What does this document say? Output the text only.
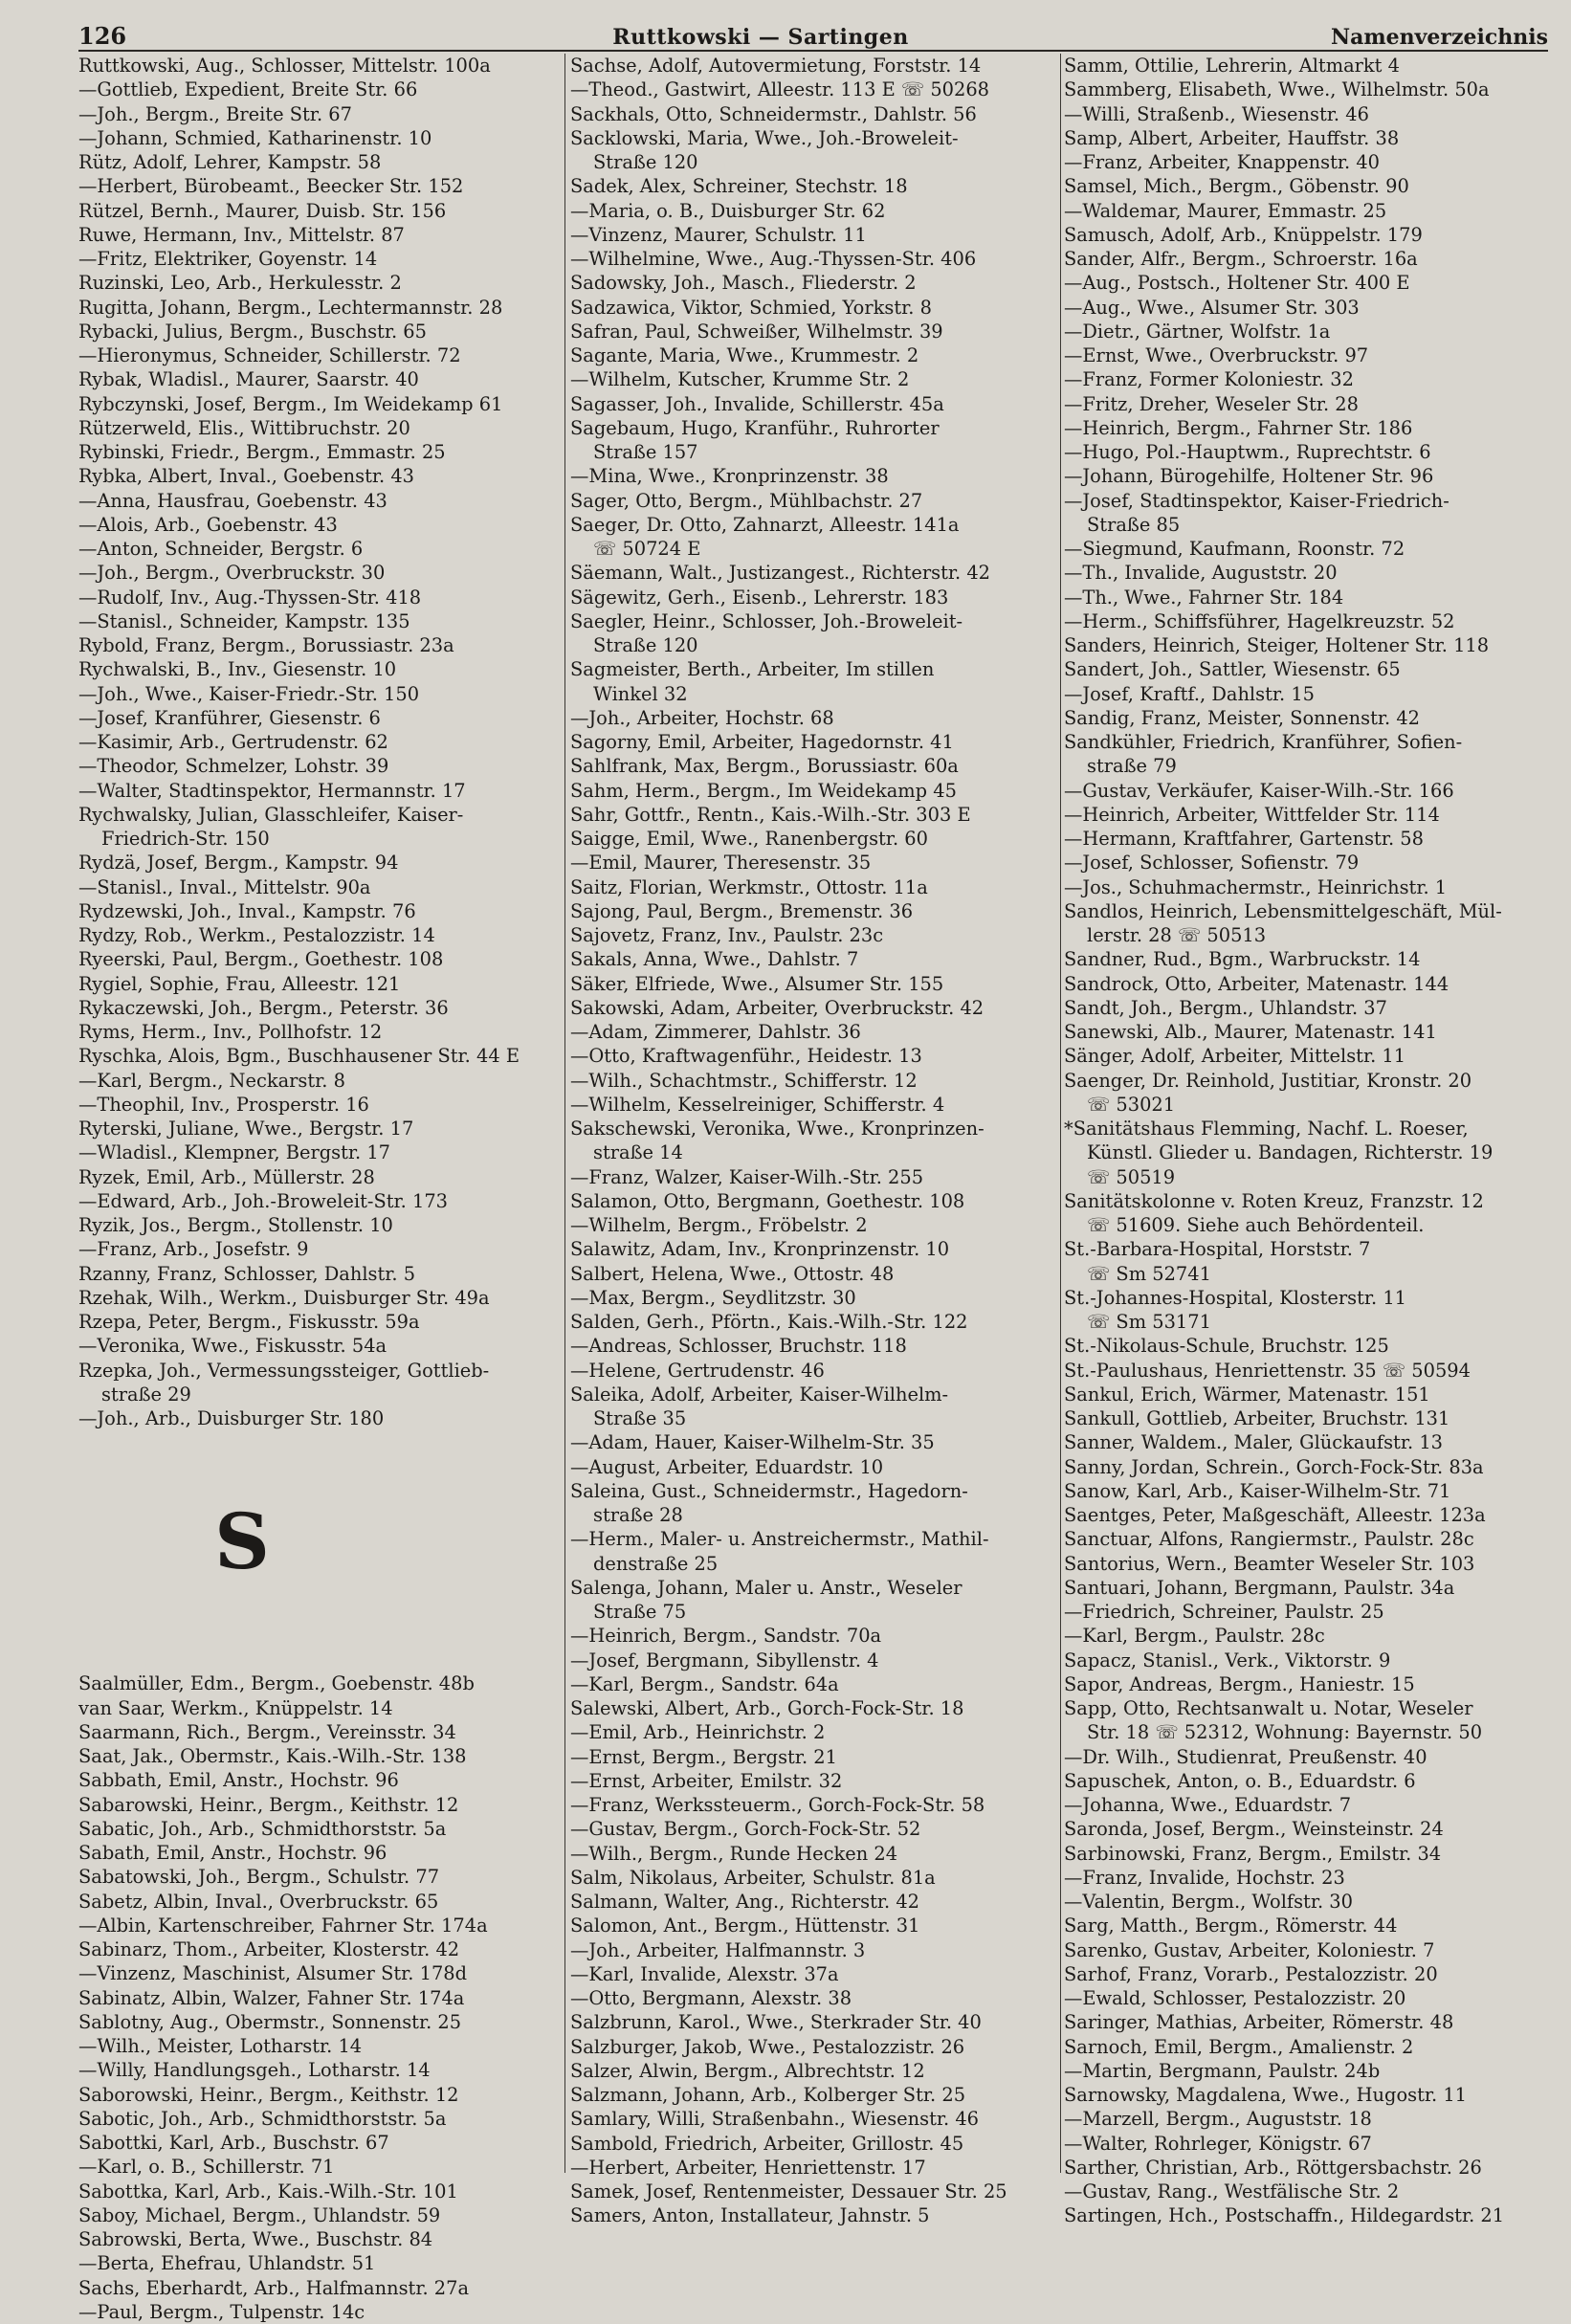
126	Ruttkowski — Sartingen	Namenverzeichnis
Ruttkowski, Aug., Schlosser, Mittelstr. 100a
—Gottlieb, Expedient, Breite Str. 66
—Joh., Bergm., Breite Str. 67
—Johann, Schmied, Katharinenstr. 10
Rütz, Adolf, Lehrer, Kampstr. 58
—Herbert, Bürobeamt., Beecker Str. 152
Rützel, Bernh., Maurer, Duisb. Str. 156
Ruwe, Hermann, Inv., Mittelstr. 87
—Fritz, Elektriker, Goyenstr. 14
Ruzinski, Leo, Arb., Herkulesstr. 2
Rugitta, Johann, Bergm., Lechtermannstr. 28
Rybacki, Julius, Bergm., Buschstr. 65
—Hieronymus, Schneider, Schillerstr. 72
Rybak, Wladisl., Maurer, Saarstr. 40
Rybczynski, Josef, Bergm., Im Weidekamp 61
Rützerweld, Elis., Wittibruchstr. 20
Rybinski, Friedr., Bergm., Emmastr. 25
Rybka, Albert, Inval., Goebenstr. 43
—Anna, Hausfrau, Goebenstr. 43
—Alois, Arb., Goebenstr. 43
—Anton, Schneider, Bergstr. 6
—Joh., Bergm., Overbruckstr. 30
—Rudolf, Inv., Aug.-Thyssen-Str. 418
—Stanisl., Schneider, Kampstr. 135
Rybold, Franz, Bergm., Borussiastr. 23a
Rychwalski, B., Inv., Giesenstr. 10
—Joh., Wwe., Kaiser-Friedr.-Str. 150
—Josef, Kranführer, Giesenstr. 6
—Kasimir, Arb., Gertrudenstr. 62
—Theodor, Schmelzer, Lohstr. 39
—Walter, Stadtinspektor, Hermannstr. 17
Rychwalsky, Julian, Glasschleifer, Kaiser-
Friedrich-Str. 150
Rydzä, Josef, Bergm., Kampstr. 94
—Stanisl., Inval., Mittelstr. 90a
Rydzewski, Joh., Inval., Kampstr. 76
Rydzy, Rob., Werkm., Pestalozzistr. 14
Ryeerski, Paul, Bergm., Goethestr. 108
Rygiel, Sophie, Frau, Alleestr. 121
Rykaczewski, Joh., Bergm., Peterstr. 36
Ryms, Herm., Inv., Pollhofstr. 12
Ryschka, Alois, Bgm., Buschhausener Str. 44 E
—Karl, Bergm., Neckarstr. 8
—Theophil, Inv., Prosperstr. 16
Ryterski, Juliane, Wwe., Bergstr. 17
—Wladisl., Klempner, Bergstr. 17
Ryzek, Emil, Arb., Müllerstr. 28
—Edward, Arb., Joh.-Broweleit-Str. 173
Ryzik, Jos., Bergm., Stollenstr. 10
—Franz, Arb., Josefstr. 9
Rzanny, Franz, Schlosser, Dahlstr. 5
Rzehak, Wilh., Werkm., Duisburger Str. 49a
Rzepa, Peter, Bergm., Fiskusstr. 59a
—Veronika, Wwe., Fiskusstr. 54a
Rzepka, Joh., Vermessungssteiger, Gottlieb-
straße 29
—Joh., Arb., Duisburger Str. 180
S
Saalmüller, Edm., Bergm., Goebenstr. 48b
van Saar, Werkm., Knüppelstr. 14
Saarmann, Rich., Bergm., Vereinsstr. 34
Saat, Jak., Obermstr., Kais.-Wilh.-Str. 138
Sabbath, Emil, Anstr., Hochstr. 96
Sabarowski, Heinr., Bergm., Keithstr. 12
Sabatic, Joh., Arb., Schmidthorststr. 5a
Sabath, Emil, Anstr., Hochstr. 96
Sabatowski, Joh., Bergm., Schulstr. 77
Sabetz, Albin, Inval., Overbruckstr. 65
—Albin, Kartenschreiber, Fahrner Str. 174a
Sabinarz, Thom., Arbeiter, Klosterstr. 42
—Vinzenz, Maschinist, Alsumer Str. 178d
Sabinatz, Albin, Walzer, Fahner Str. 174a
Sablotny, Aug., Obermstr., Sonnenstr. 25
—Wilh., Meister, Lotharstr. 14
—Willy, Handlungsgeh., Lotharstr. 14
Saborowski, Heinr., Bergm., Keithstr. 12
Sabotic, Joh., Arb., Schmidthorststr. 5a
Sabottki, Karl, Arb., Buschstr. 67
—Karl, o. B., Schillerstr. 71
Sabottka, Karl, Arb., Kais.-Wilh.-Str. 101
Saboy, Michael, Bergm., Uhlandstr. 59
Sabrowski, Berta, Wwe., Buschstr. 84
—Berta, Ehefrau, Uhlandstr. 51
Sachs, Eberhardt, Arb., Halfmannstr. 27a
—Paul, Bergm., Tulpenstr. 14c
Sachse, Adolf, Autovermietung, Forststr. 14
—Theod., Gastwirt, Alleestr. 113 E ☏ 50268
Sackhals, Otto, Schneidermstr., Dahlstr. 56
Sacklowski, Maria, Wwe., Joh.-Broweleit-
Straße 120
Sadek, Alex, Schreiner, Stechstr. 18
—Maria, o. B., Duisburger Str. 62
—Vinzenz, Maurer, Schulstr. 11
—Wilhelmine, Wwe., Aug.-Thyssen-Str. 406
Sadowsky, Joh., Masch., Fliederstr. 2
Sadzawica, Viktor, Schmied, Yorkstr. 8
Safran, Paul, Schweißer, Wilhelmstr. 39
Sagante, Maria, Wwe., Krummestr. 2
—Wilhelm, Kutscher, Krumme Str. 2
Sagasser, Joh., Invalide, Schillerstr. 45a
Sagebaum, Hugo, Kranführ., Ruhrorter
Straße 157
—Mina, Wwe., Kronprinzenstr. 38
Sager, Otto, Bergm., Mühlbachstr. 27
Saeger, Dr. Otto, Zahnarzt, Alleestr. 141a
☏ 50724 E
Säemann, Walt., Justizangest., Richterstr. 42
Sägewitz, Gerh., Eisenb., Lehrerstr. 183
Saegler, Heinr., Schlosser, Joh.-Broweleit-
Straße 120
Sagmeister, Berth., Arbeiter, Im stillen
Winkel 32
—Joh., Arbeiter, Hochstr. 68
Sagorny, Emil, Arbeiter, Hagedornstr. 41
Sahlfrank, Max, Bergm., Borussiastr. 60a
Sahm, Herm., Bergm., Im Weidekamp 45
Sahr, Gottfr., Rentn., Kais.-Wilh.-Str. 303 E
Saigge, Emil, Wwe., Ranenbergstr. 60
—Emil, Maurer, Theresenstr. 35
Saitz, Florian, Werkmstr., Ottostr. 11a
Sajong, Paul, Bergm., Bremenstr. 36
Sajovetz, Franz, Inv., Paulstr. 23c
Sakals, Anna, Wwe., Dahlstr. 7
Säker, Elfriede, Wwe., Alsumer Str. 155
Sakowski, Adam, Arbeiter, Overbruckstr. 42
—Adam, Zimmerer, Dahlstr. 36
—Otto, Kraftwagenführ., Heidestr. 13
—Wilh., Schachtmstr., Schifferstr. 12
—Wilhelm, Kesselreiniger, Schifferstr. 4
Sakschewski, Veronika, Wwe., Kronprinzen-
straße 14
—Franz, Walzer, Kaiser-Wilh.-Str. 255
Salamon, Otto, Bergmann, Goethestr. 108
—Wilhelm, Bergm., Fröbelstr. 2
Salawitz, Adam, Inv., Kronprinzenstr. 10
Salbert, Helena, Wwe., Ottostr. 48
—Max, Bergm., Seydlitzstr. 30
Salden, Gerh., Pförtn., Kais.-Wilh.-Str. 122
—Andreas, Schlosser, Bruchstr. 118
—Helene, Gertrudenstr. 46
Saleika, Adolf, Arbeiter, Kaiser-Wilhelm-
Straße 35
—Adam, Hauer, Kaiser-Wilhelm-Str. 35
—August, Arbeiter, Eduardstr. 10
Saleina, Gust., Schneidermstr., Hagedorn-
straße 28
—Herm., Maler- u. Anstreichermstr., Mathil-
denstraße 25
Salenga, Johann, Maler u. Anstr., Weseler
Straße 75
—Heinrich, Bergm., Sandstr. 70a
—Josef, Bergmann, Sibyllenstr. 4
—Karl, Bergm., Sandstr. 64a
Salewski, Albert, Arb., Gorch-Fock-Str. 18
—Emil, Arb., Heinrichstr. 2
—Ernst, Bergm., Bergstr. 21
—Ernst, Arbeiter, Emilstr. 32
—Franz, Werkssteuerm., Gorch-Fock-Str. 58
—Gustav, Bergm., Gorch-Fock-Str. 52
—Wilh., Bergm., Runde Hecken 24
Salm, Nikolaus, Arbeiter, Schulstr. 81a
Salmann, Walter, Ang., Richterstr. 42
Salomon, Ant., Bergm., Hüttenstr. 31
—Joh., Arbeiter, Halfmannstr. 3
—Karl, Invalide, Alexstr. 37a
—Otto, Bergmann, Alexstr. 38
Salzbrunn, Karol., Wwe., Sterkrader Str. 40
Salzburger, Jakob, Wwe., Pestalozzistr. 26
Salzer, Alwin, Bergm., Albrechtstr. 12
Salzmann, Johann, Arb., Kolberger Str. 25
Samlary, Willi, Straßenbahn., Wiesenstr. 46
Sambold, Friedrich, Arbeiter, Grillostr. 45
—Herbert, Arbeiter, Henriettenstr. 17
Samek, Josef, Rentenmeister, Dessauer Str. 25
Samers, Anton, Installateur, Jahnstr. 5
Samm, Ottilie, Lehrerin, Altmarkt 4
Sammberg, Elisabeth, Wwe., Wilhelmstr. 50a
—Willi, Straßenb., Wiesenstr. 46
Samp, Albert, Arbeiter, Hauffstr. 38
—Franz, Arbeiter, Knappenstr. 40
Samsel, Mich., Bergm., Göbenstr. 90
—Waldemar, Maurer, Emmastr. 25
Samusch, Adolf, Arb., Knüppelstr. 179
Sander, Alfr., Bergm., Schroerstr. 16a
—Aug., Postsch., Holtener Str. 400 E
—Aug., Wwe., Alsumer Str. 303
—Dietr., Gärtner, Wolfstr. 1a
—Ernst, Wwe., Overbruckstr. 97
—Franz, Former Koloniestr. 32
—Fritz, Dreher, Weseler Str. 28
—Heinrich, Bergm., Fahrner Str. 186
—Hugo, Pol.-Hauptwm., Ruprechtstr. 6
—Johann, Bürogehilfe, Holtener Str. 96
—Josef, Stadtinspektor, Kaiser-Friedrich-
Straße 85
—Siegmund, Kaufmann, Roonstr. 72
—Th., Invalide, Auguststr. 20
—Th., Wwe., Fahrner Str. 184
—Herm., Schiffsführer, Hagelkreuzstr. 52
Sanders, Heinrich, Steiger, Holtener Str. 118
Sandert, Joh., Sattler, Wiesenstr. 65
—Josef, Kraftf., Dahlstr. 15
Sandig, Franz, Meister, Sonnenstr. 42
Sandkühler, Friedrich, Kranführer, Sofien-
straße 79
—Gustav, Verkäufer, Kaiser-Wilh.-Str. 166
—Heinrich, Arbeiter, Wittfelder Str. 114
—Hermann, Kraftfahrer, Gartenstr. 58
—Josef, Schlosser, Sofienstr. 79
—Jos., Schuhmachermstr., Heinrichstr. 1
Sandlos, Heinrich, Lebensmittelgeschäft, Mül-
lerstr. 28 ☏ 50513
Sandner, Rud., Bgm., Warbruckstr. 14
Sandrock, Otto, Arbeiter, Matenastr. 144
Sandt, Joh., Bergm., Uhlandstr. 37
Sanewski, Alb., Maurer, Matenastr. 141
Sänger, Adolf, Arbeiter, Mittelstr. 11
Saenger, Dr. Reinhold, Justitiar, Kronstr. 20
☏ 53021
*Sanitätshaus Flemming, Nachf. L. Roeser,
Künstl. Glieder u. Bandagen, Richterstr. 19
☏ 50519
Sanitätskolonne v. Roten Kreuz, Franzstr. 12
☏ 51609. Siehe auch Behördenteil.
St.-Barbara-Hospital, Horststr. 7
☏ Sm 52741
St.-Johannes-Hospital, Klosterstr. 11
☏ Sm 53171
St.-Nikolaus-Schule, Bruchstr. 125
St.-Paulushaus, Henriettenstr. 35 ☏ 50594
Sankul, Erich, Wärmer, Matenastr. 151
Sankull, Gottlieb, Arbeiter, Bruchstr. 131
Sanner, Waldem., Maler, Glückaufstr. 13
Sanny, Jordan, Schrein., Gorch-Fock-Str. 83a
Sanow, Karl, Arb., Kaiser-Wilhelm-Str. 71
Saentges, Peter, Maßgeschäft, Alleestr. 123a
Sanctuar, Alfons, Rangiermstr., Paulstr. 28c
Santorius, Wern., Beamter Weseler Str. 103
Santuari, Johann, Bergmann, Paulstr. 34a
—Friedrich, Schreiner, Paulstr. 25
—Karl, Bergm., Paulstr. 28c
Sapacz, Stanisl., Verk., Viktorstr. 9
Sapor, Andreas, Bergm., Haniestr. 15
Sapp, Otto, Rechtsanwalt u. Notar, Weseler
Str. 18 ☏ 52312, Wohnung: Bayernstr. 50
—Dr. Wilh., Studienrat, Preußenstr. 40
Sapuschek, Anton, o. B., Eduardstr. 6
—Johanna, Wwe., Eduardstr. 7
Saronda, Josef, Bergm., Weinsteinstr. 24
Sarbinowski, Franz, Bergm., Emilstr. 34
—Franz, Invalide, Hochstr. 23
—Valentin, Bergm., Wolfstr. 30
Sarg, Matth., Bergm., Römerstr. 44
Sarenko, Gustav, Arbeiter, Koloniestr. 7
Sarhof, Franz, Vorarb., Pestalozzistr. 20
—Ewald, Schlosser, Pestalozzistr. 20
Saringer, Mathias, Arbeiter, Römerstr. 48
Sarnoch, Emil, Bergm., Amalienstr. 2
—Martin, Bergmann, Paulstr. 24b
Sarnowsky, Magdalena, Wwe., Hugostr. 11
—Marzell, Bergm., Auguststr. 18
—Walter, Rohrleger, Königstr. 67
Sarther, Christian, Arb., Röttgersbachstr. 26
—Gustav, Rang., Westfälische Str. 2
Sartingen, Hch., Postschaffn., Hildegardstr. 21
